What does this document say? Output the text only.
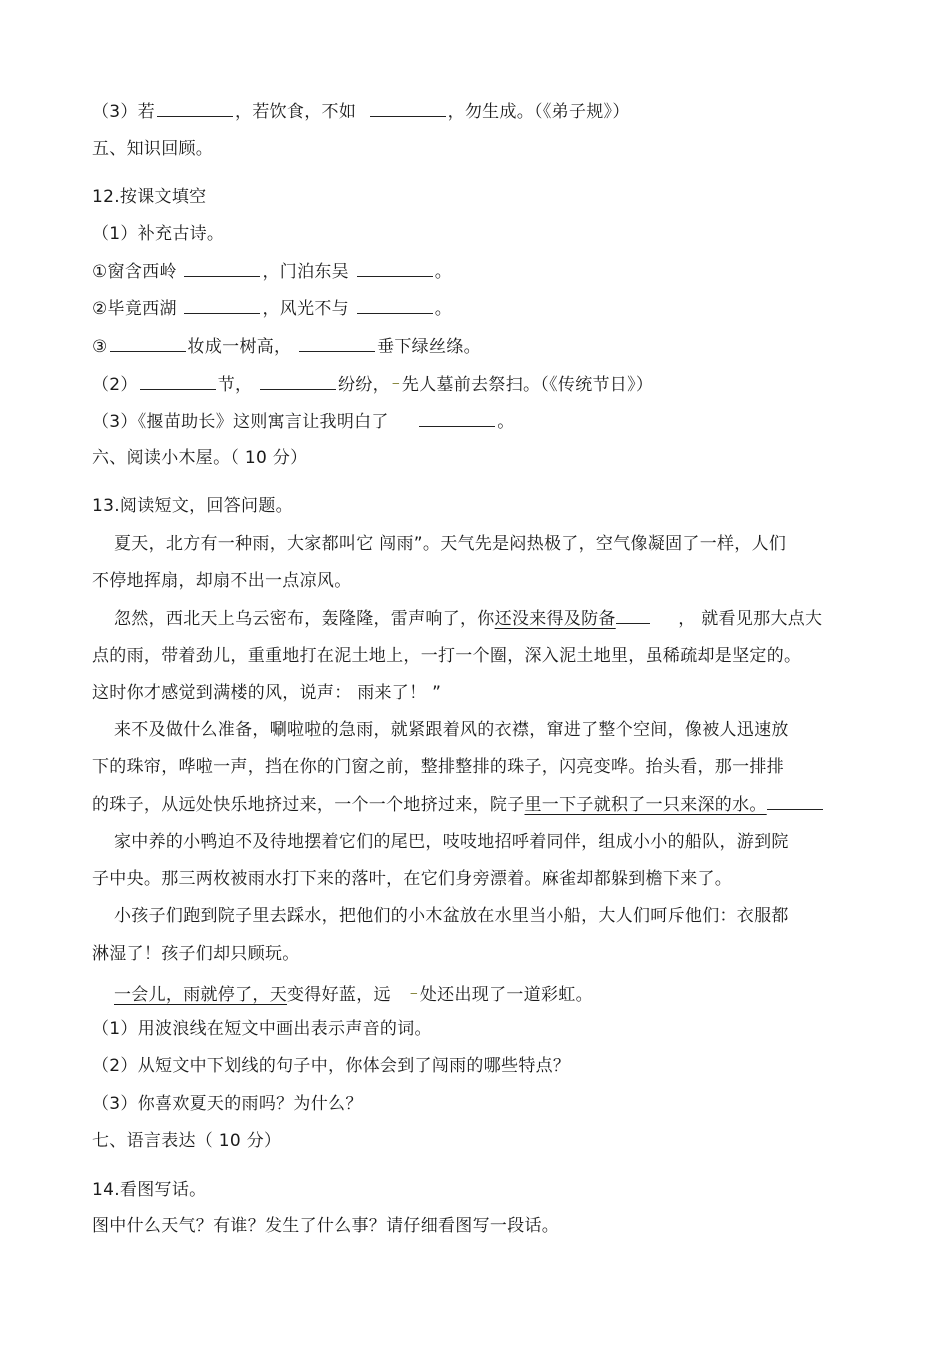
（3）若	，若饮食，不如	，勿生成。（《弟子规》）
五、知识回顾。
12.按课文填空
（1）补充古诗。
①窗含西岭	，门泊东吴	。
②毕竟西湖	，风光不与	。
③	妆成一树高，	垂下绿丝绦。
（2）	节，	纷纷， ‒ 先人墓前去祭扫。（《传统节日》）
（3）《揠苗助长》这则寓言让我明白了	。
六、阅读小木屋。（ 10 分）
13.阅读短文，回答问题。
夏天，北方有一种雨，大家都叫它 闯雨”。天气先是闷热极了，空气像凝固了一样，人们
不停地挥扇，却扇不出一点凉风。
忽然，西北天上乌云密布，轰隆隆，雷声响了，你还没来得及防备	， 就看见那大点大
点的雨，带着劲儿，重重地打在泥土地上，一打一个圈，深入泥土地里，虽稀疏却是坚定的。
这时你才感觉到满楼的风，说声： 雨来了！ ”
来不及做什么准备，唰啦啦的急雨，就紧跟着风的衣襟，窜进了整个空间，像被人迅速放
下的珠帘，哗啦一声，挡在你的门窗之前，整排整排的珠子，闪亮变哗。抬头看，那一排排
的珠子，从远处快乐地挤过来，一个一个地挤过来，院子里一下子就积了一只来深的水。
家中养的小鸭迫不及待地摆着它们的尾巴，吱吱地招呼着同伴，组成小小的船队，游到院
子中央。那三两枚被雨水打下来的落叶，在它们身旁漂着。麻雀却都躲到檐下来了。
小孩子们跑到院子里去踩水，把他们的小木盆放在水里当小船，大人们呵斥他们：衣服都
淋湿了！孩子们却只顾玩。
一会儿，雨就停了，天变得好蓝，远 ‒ 处还出现了一道彩虹。
（1）用波浪线在短文中画出表示声音的词。
（2）从短文中下划线的句子中，你体会到了闯雨的哪些特点？
（3）你喜欢夏天的雨吗？为什么？
七、语言表达（ 10 分）
14.看图写话。
图中什么天气？有谁？发生了什么事？请仔细看图写一段话。
